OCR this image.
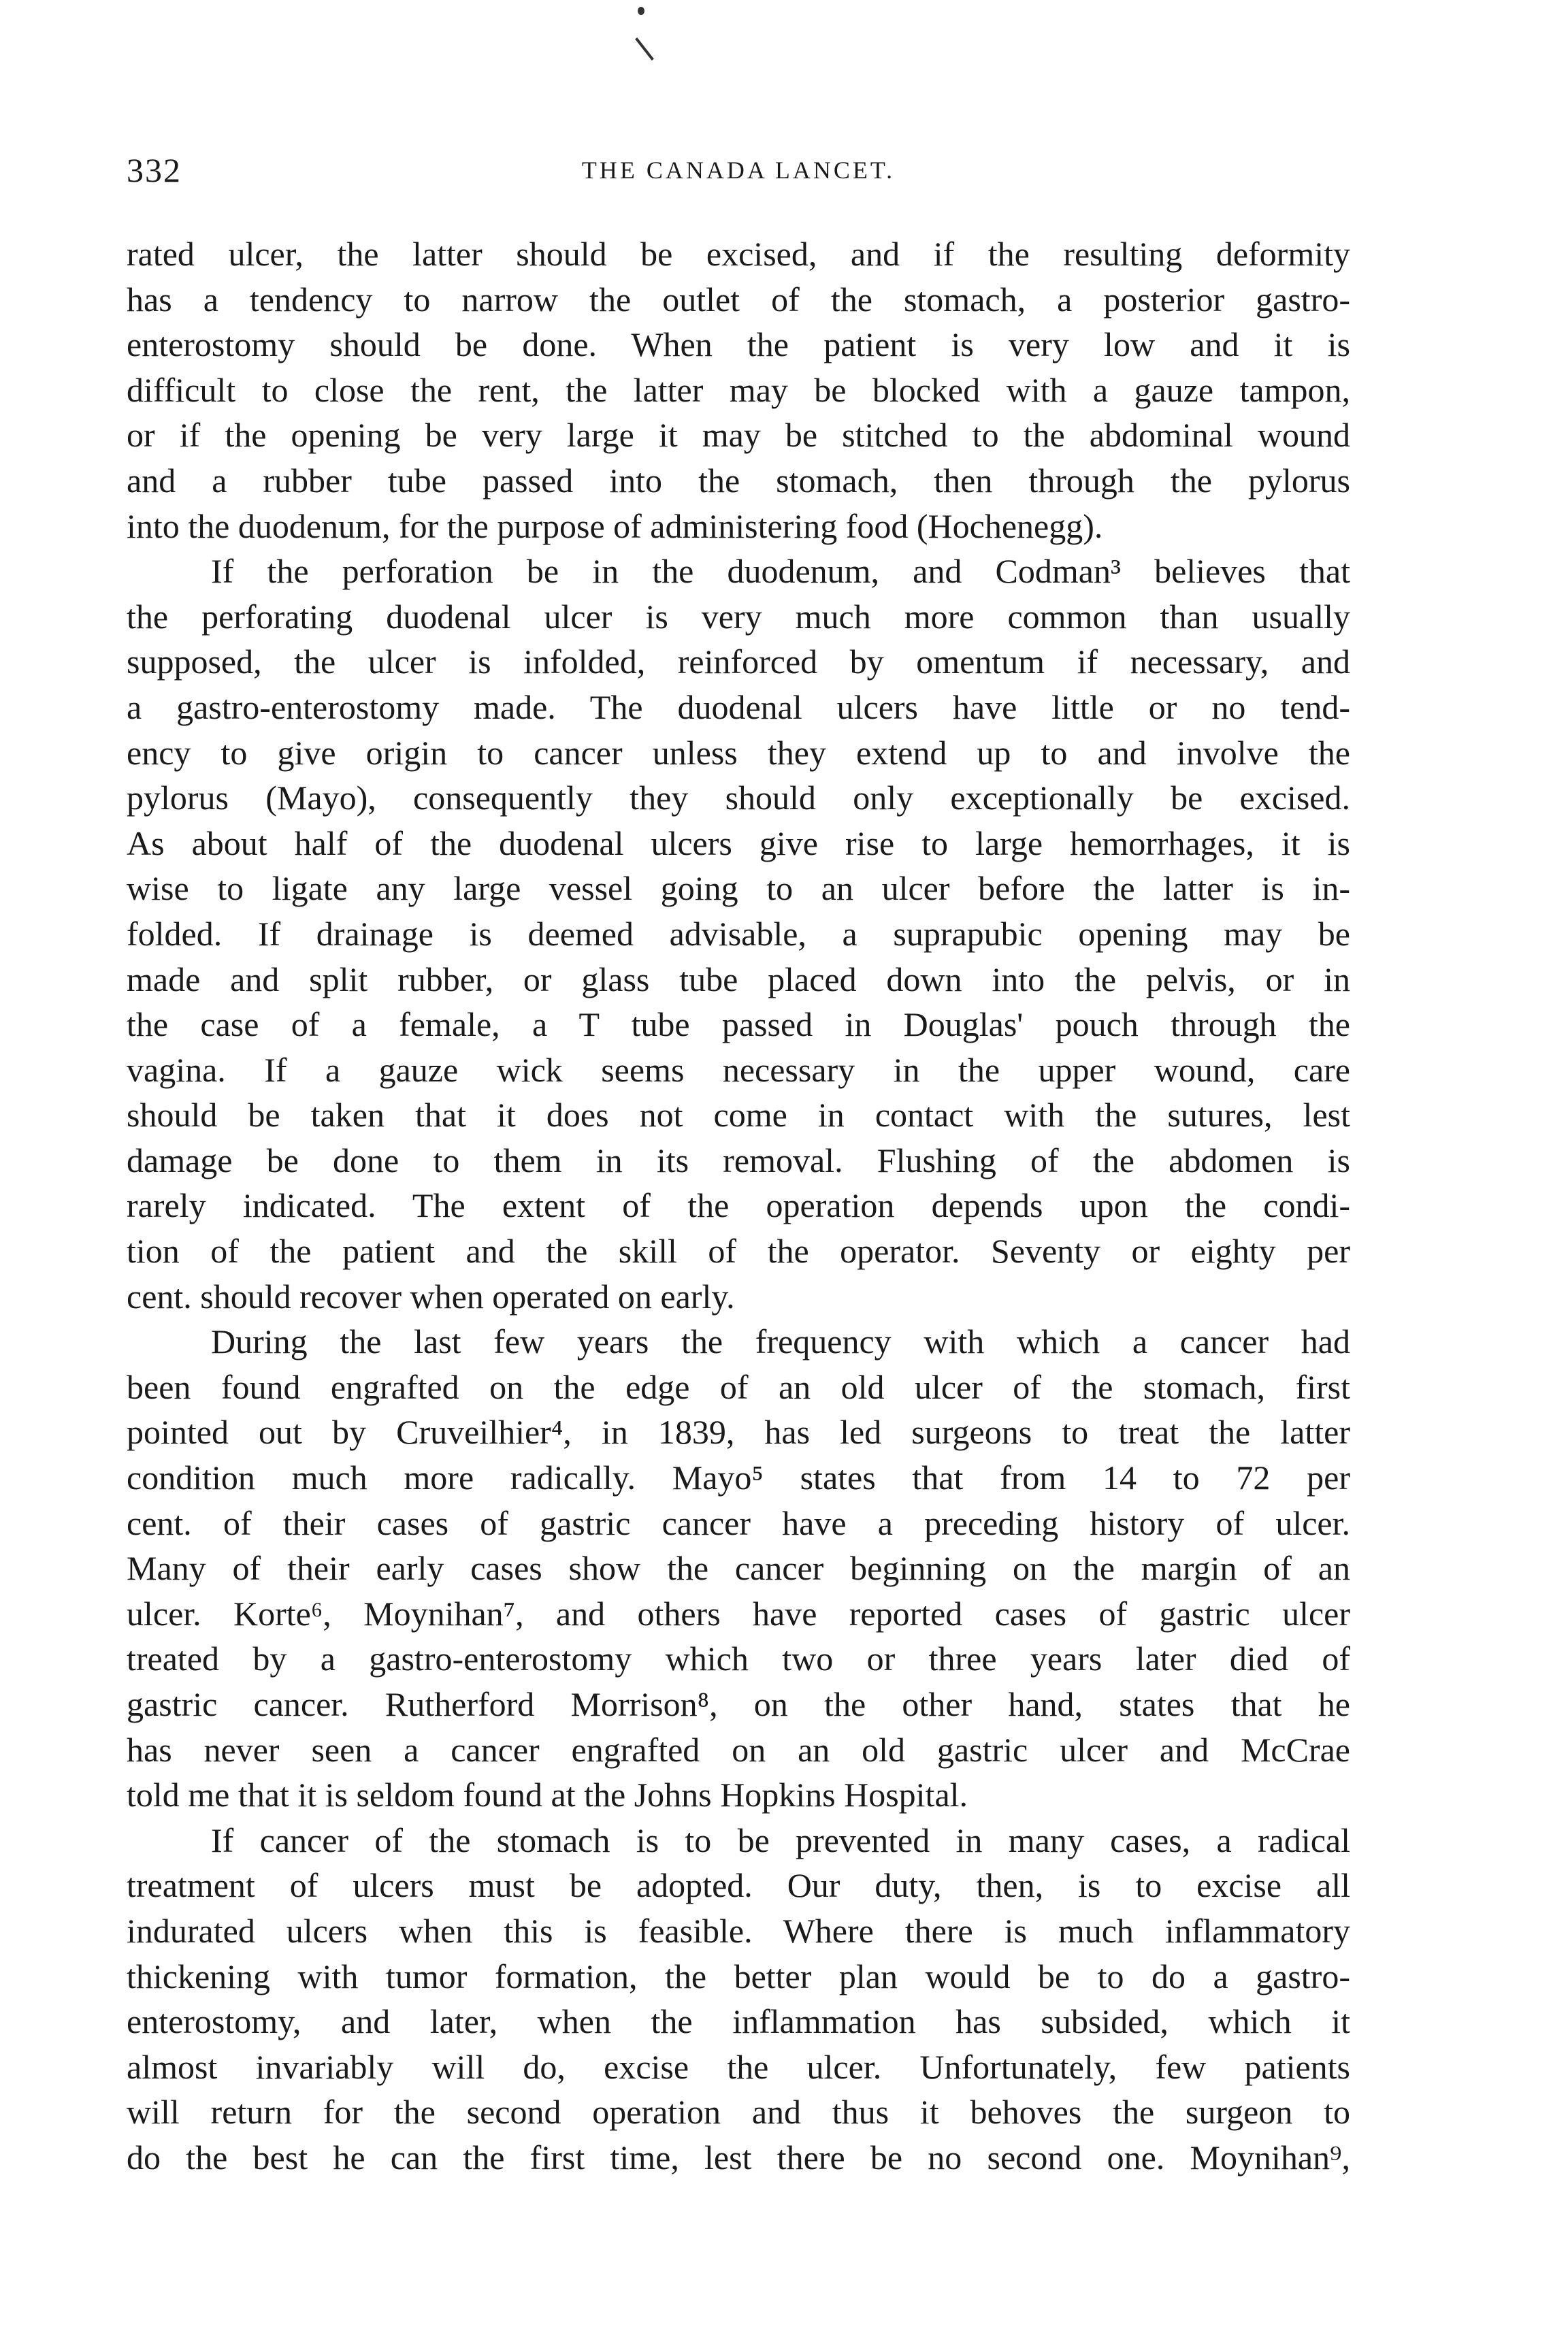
332	THE CANADA LANCET.
rated ulcer, the latter should be excised, and if the resulting deformity
has a tendency to narrow the outlet of the stomach, a posterior gastro-
enterostomy should be done. When the patient is very low and it is
difficult to close the rent, the latter may be blocked with a gauze tampon,
or if the opening be very large it may be stitched to the abdominal wound
and a rubber tube passed into the stomach, then through the pylorus
into the duodenum, for the purpose of administering food (Hochenegg).
If the perforation be in the duodenum, and Codman³ believes that
the perforating duodenal ulcer is very much more common than usually
supposed, the ulcer is infolded, reinforced by omentum if necessary, and
a gastro-enterostomy made. The duodenal ulcers have little or no tend-
ency to give origin to cancer unless they extend up to and involve the
pylorus (Mayo), consequently they should only exceptionally be excised.
As about half of the duodenal ulcers give rise to large hemorrhages, it is
wise to ligate any large vessel going to an ulcer before the latter is in-
folded. If drainage is deemed advisable, a suprapubic opening may be
made and split rubber, or glass tube placed down into the pelvis, or in
the case of a female, a T tube passed in Douglas' pouch through the
vagina. If a gauze wick seems necessary in the upper wound, care
should be taken that it does not come in contact with the sutures, lest
damage be done to them in its removal. Flushing of the abdomen is
rarely indicated. The extent of the operation depends upon the condi-
tion of the patient and the skill of the operator. Seventy or eighty per
cent. should recover when operated on early.
During the last few years the frequency with which a cancer had
been found engrafted on the edge of an old ulcer of the stomach, first
pointed out by Cruveilhier⁴, in 1839, has led surgeons to treat the latter
condition much more radically. Mayo⁵ states that from 14 to 72 per
cent. of their cases of gastric cancer have a preceding history of ulcer.
Many of their early cases show the cancer beginning on the margin of an
ulcer. Korte⁶, Moynihan⁷, and others have reported cases of gastric ulcer
treated by a gastro-enterostomy which two or three years later died of
gastric cancer. Rutherford Morrison⁸, on the other hand, states that he
has never seen a cancer engrafted on an old gastric ulcer and McCrae
told me that it is seldom found at the Johns Hopkins Hospital.
If cancer of the stomach is to be prevented in many cases, a radical
treatment of ulcers must be adopted. Our duty, then, is to excise all
indurated ulcers when this is feasible. Where there is much inflammatory
thickening with tumor formation, the better plan would be to do a gastro-
enterostomy, and later, when the inflammation has subsided, which it
almost invariably will do, excise the ulcer. Unfortunately, few patients
will return for the second operation and thus it behoves the surgeon to
do the best he can the first time, lest there be no second one. Moynihan⁹,
